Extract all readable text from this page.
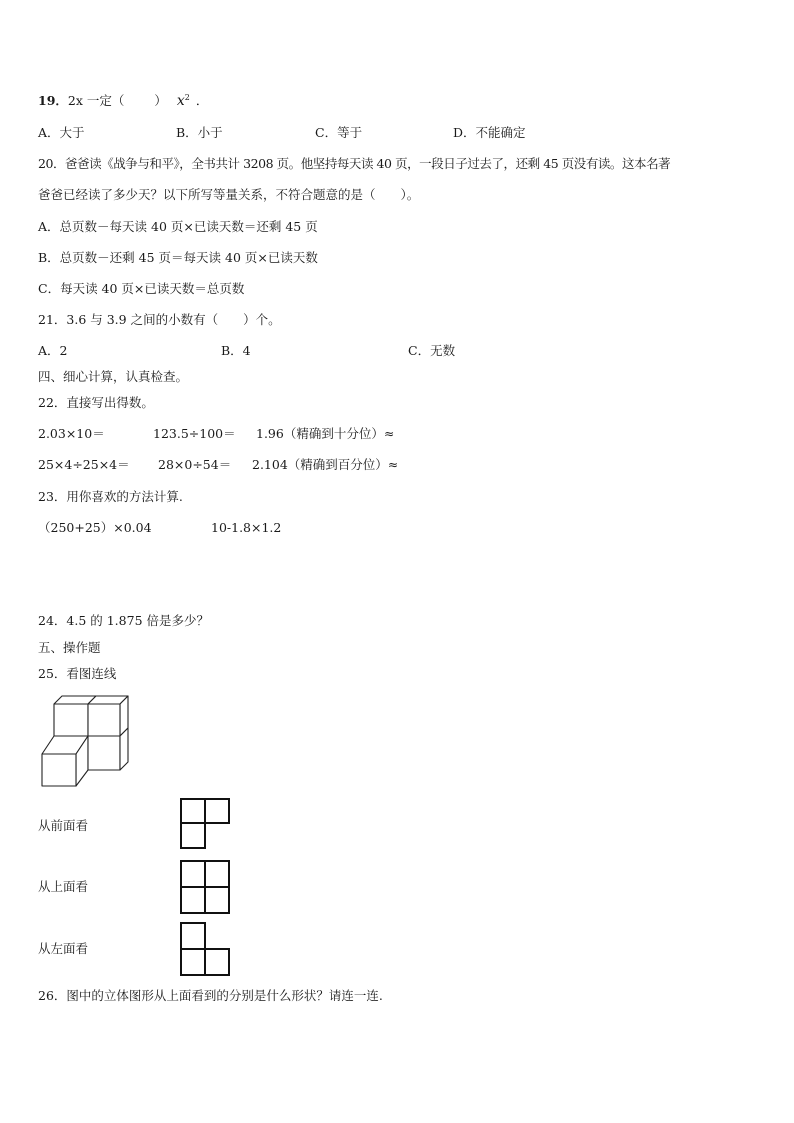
19．2x 一定（ ） $x^2$ ．
A．大于	B．小于	C．等于	D．不能确定
20．爸爸读《战争与和平》，全书共计 3208 页。他坚持每天读 40 页，一段日子过去了，还剩 45 页没有读。这本名著
爸爸已经读了多少天？以下所写等量关系，不符合题意的是（　　）。
A．总页数－每天读 40 页×已读天数＝还剩 45 页
B．总页数－还剩 45 页＝每天读 40 页×已读天数
C．每天读 40 页×已读天数＝总页数
21．3.6 与 3.9 之间的小数有（　　）个。
A．2	B．4	C．无数
四、细心计算，认真检查。
22．直接写出得数。
2.03×10＝	123.5÷100＝ 1.96（精确到十分位）≈
25×4÷25×4＝ 28×0÷54＝ 2.104（精确到百分位）≈
23．用你喜欢的方法计算.
（250+25）×0.04	10-1.8×1.2
24．4.5 的 1.875 倍是多少？
五、操作题
25．看图连线
从前面看
从上面看
从左面看
26．图中的立体图形从上面看到的分别是什么形状？请连一连.
